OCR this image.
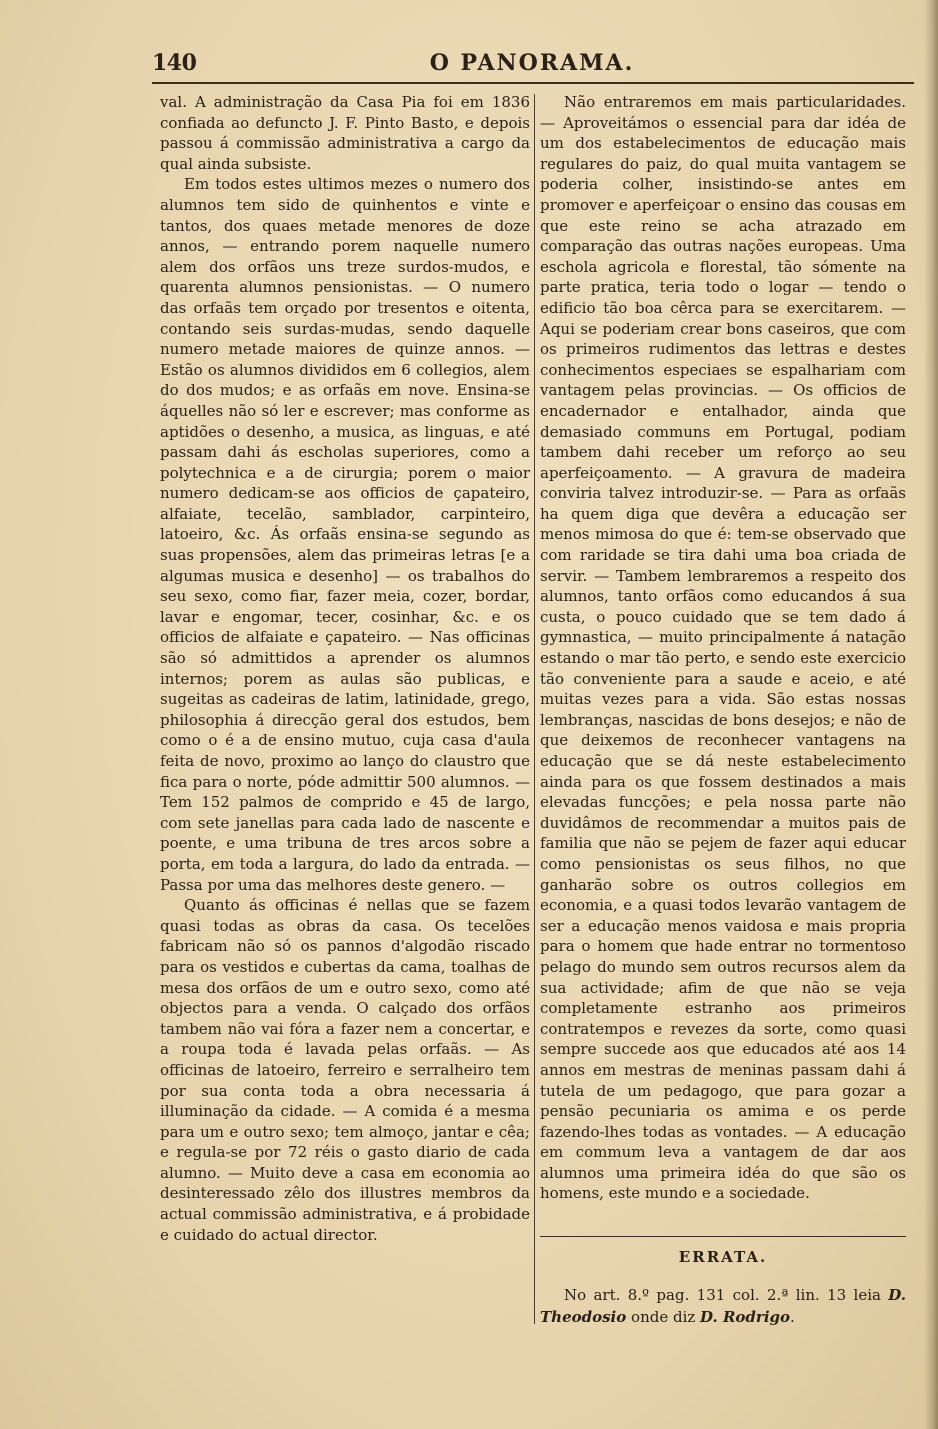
140	O PANORAMA.

val. A administração da Casa Pia foi em 1836 confiada ao defuncto J. F. Pinto Basto, e depois passou á commissão administrativa a cargo da qual ainda subsiste.

Em todos estes ultimos mezes o numero dos alumnos tem sido de quinhentos e vinte e tantos, dos quaes metade menores de doze annos, — entrando porem naquelle numero alem dos orfãos uns treze surdos-mudos, e quarenta alumnos pensionistas. — O numero das orfaãs tem orçado por tresentos e oitenta, contando seis surdas-mudas, sendo daquelle numero metade maiores de quinze annos. — Estão os alumnos divididos em 6 collegios, alem do dos mudos; e as orfaãs em nove. Ensina-se áquelles não só ler e escrever; mas conforme as aptidões o desenho, a musica, as linguas, e até passam dahi ás escholas superiores, como a polytechnica e a de cirurgia; porem o maior numero dedicam-se aos officios de çapateiro, alfaiate, tecelão, samblador, carpinteiro, latoeiro, &c. Ás orfaãs ensina-se segundo as suas propensões, alem das primeiras letras [e a algumas musica e desenho] — os trabalhos do seu sexo, como fiar, fazer meia, cozer, bordar, lavar e engomar, tecer, cosinhar, &c. e os officios de alfaiate e çapateiro. — Nas officinas são só admittidos a aprender os alumnos internos; porem as aulas são publicas, e sugeitas as cadeiras de latim, latinidade, grego, philosophia á direcção geral dos estudos, bem como o é a de ensino mutuo, cuja casa d'aula feita de novo, proximo ao lanço do claustro que fica para o norte, póde admittir 500 alumnos. — Tem 152 palmos de comprido e 45 de largo, com sete janellas para cada lado de nascente e poente, e uma tribuna de tres arcos sobre a porta, em toda a largura, do lado da entrada. — Passa por uma das melhores deste genero. —

Quanto ás officinas é nellas que se fazem quasi todas as obras da casa. Os tecelões fabricam não só os pannos d'algodão riscado para os vestidos e cubertas da cama, toalhas de mesa dos orfãos de um e outro sexo, como até objectos para a venda. O calçado dos orfãos tambem não vai fóra a fazer nem a concertar, e a roupa toda é lavada pelas orfaãs. — As officinas de latoeiro, ferreiro e serralheiro tem por sua conta toda a obra necessaria á illuminação da cidade. — A comida é a mesma para um e outro sexo; tem almoço, jantar e cêa; e regula-se por 72 réis o gasto diario de cada alumno. — Muito deve a casa em economia ao desinteressado zêlo dos illustres membros da actual commissão administrativa, e á probidade e cuidado do actual director.

Não entraremos em mais particularidades. — Aproveitámos o essencial para dar idéa de um dos estabelecimentos de educação mais regulares do paiz, do qual muita vantagem se poderia colher, insistindo-se antes em promover e aperfeiçoar o ensino das cousas em que este reino se acha atrazado em comparação das outras nações europeas. Uma eschola agricola e florestal, tão sómente na parte pratica, teria todo o logar — tendo o edificio tão boa cêrca para se exercitarem. — Aqui se poderiam crear bons caseiros, que com os primeiros rudimentos das lettras e destes conhecimentos especiaes se espalhariam com vantagem pelas provincias. — Os officios de encadernador e entalhador, ainda que demasiado communs em Portugal, podiam tambem dahi receber um reforço ao seu aperfeiçoamento. — A gravura de madeira conviria talvez introduzir-se. — Para as orfaãs ha quem diga que devêra a educação ser menos mimosa do que é: tem-se observado que com raridade se tira dahi uma boa criada de servir. — Tambem lembraremos a respeito dos alumnos, tanto orfãos como educandos á sua custa, o pouco cuidado que se tem dado á gymnastica, — muito principalmente á natação estando o mar tão perto, e sendo este exercicio tão conveniente para a saude e aceio, e até muitas vezes para a vida. São estas nossas lembranças, nascidas de bons desejos; e não de que deixemos de reconhecer vantagens na educação que se dá neste estabelecimento ainda para os que fossem destinados a mais elevadas funcções; e pela nossa parte não duvidâmos de recommendar a muitos pais de familia que não se pejem de fazer aqui educar como pensionistas os seus filhos, no que ganharão sobre os outros collegios em economia, e a quasi todos levarão vantagem de ser a educação menos vaidosa e mais propria para o homem que hade entrar no tormentoso pelago do mundo sem outros recursos alem da sua actividade; afim de que não se veja completamente estranho aos primeiros contratempos e revezes da sorte, como quasi sempre succede aos que educados até aos 14 annos em mestras de meninas passam dahi á tutela de um pedagogo, que para gozar a pensão pecuniaria os amima e os perde fazendo-lhes todas as vontades. — A educação em commum leva a vantagem de dar aos alumnos uma primeira idéa do que são os homens, este mundo e a sociedade.

ERRATA.
No art. 8.º pag. 131 col. 2.ª lin. 13 leia D. Theodosio onde diz D. Rodrigo.
